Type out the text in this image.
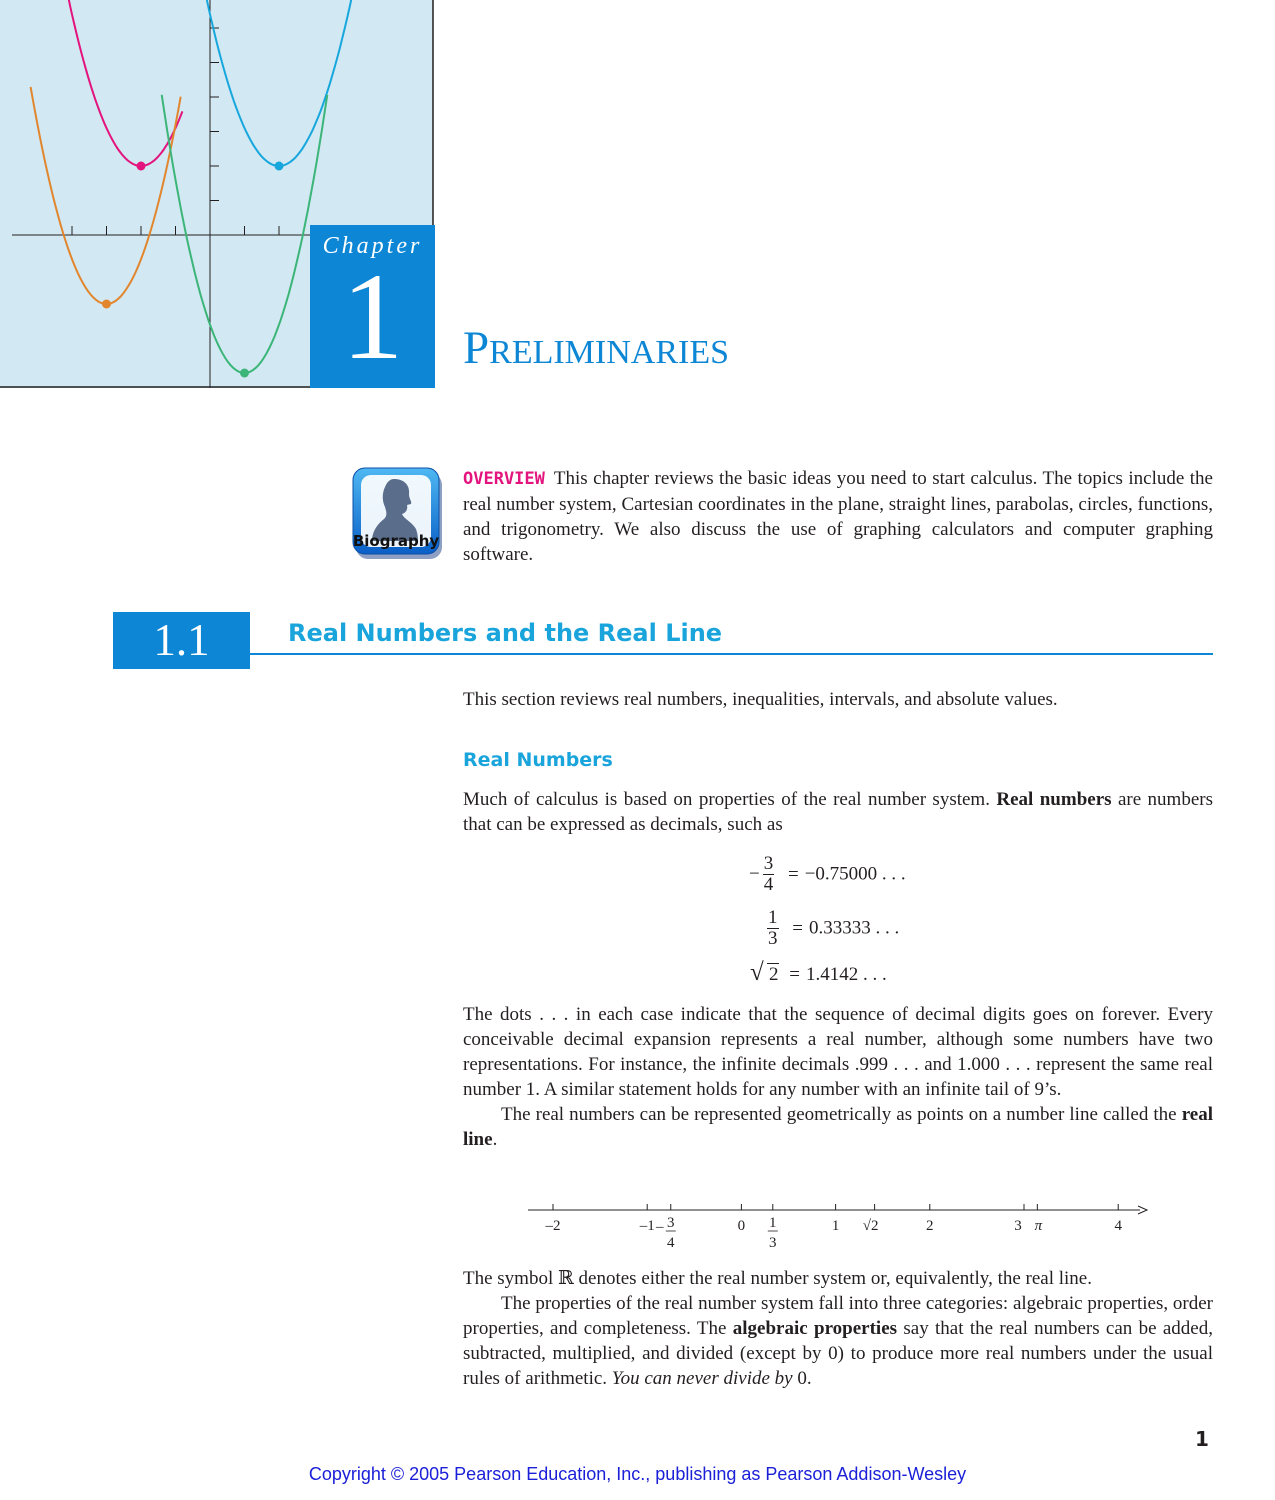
Chapter
1	PRELIMINARIES
Biography
OVERVIEW This chapter reviews the basic ideas you need to start calculus. The topics include the real number system, Cartesian coordinates in the plane, straight lines, parabolas, circles, functions, and trigonometry. We also discuss the use of graphing calculators and computer graphing software.
1.1	Real Numbers and the Real Line
This section reviews real numbers, inequalities, intervals, and absolute values.
Real Numbers
Much of calculus is based on properties of the real number system. Real numbers are numbers that can be expressed as decimals, such as
− $\frac{3}{4} = -0.75000$ . . .
$\frac{1}{3} = 0.33333$ . . .
√ 2 = 1.4142 . . .
The dots . . . in each case indicate that the sequence of decimal digits goes on forever. Every conceivable decimal expansion represents a real number, although some numbers have two representations. For instance, the infinite decimals .999 . . . and 1.000 . . . represent the same real number 1. A similar statement holds for any number with an infinite tail of 9’s.
The real numbers can be represented geometrically as points on a number line called the real line.
–2	–1 – 3
4
0 1
3
1 √2	2	3 π	4
The symbol ℝ denotes either the real number system or, equivalently, the real line.
The properties of the real number system fall into three categories: algebraic properties, order properties, and completeness. The algebraic properties say that the real numbers can be added, subtracted, multiplied, and divided (except by 0) to produce more real numbers under the usual rules of arithmetic. You can never divide by 0.
1
Copyright © 2005 Pearson Education, Inc., publishing as Pearson Addison-Wesley
